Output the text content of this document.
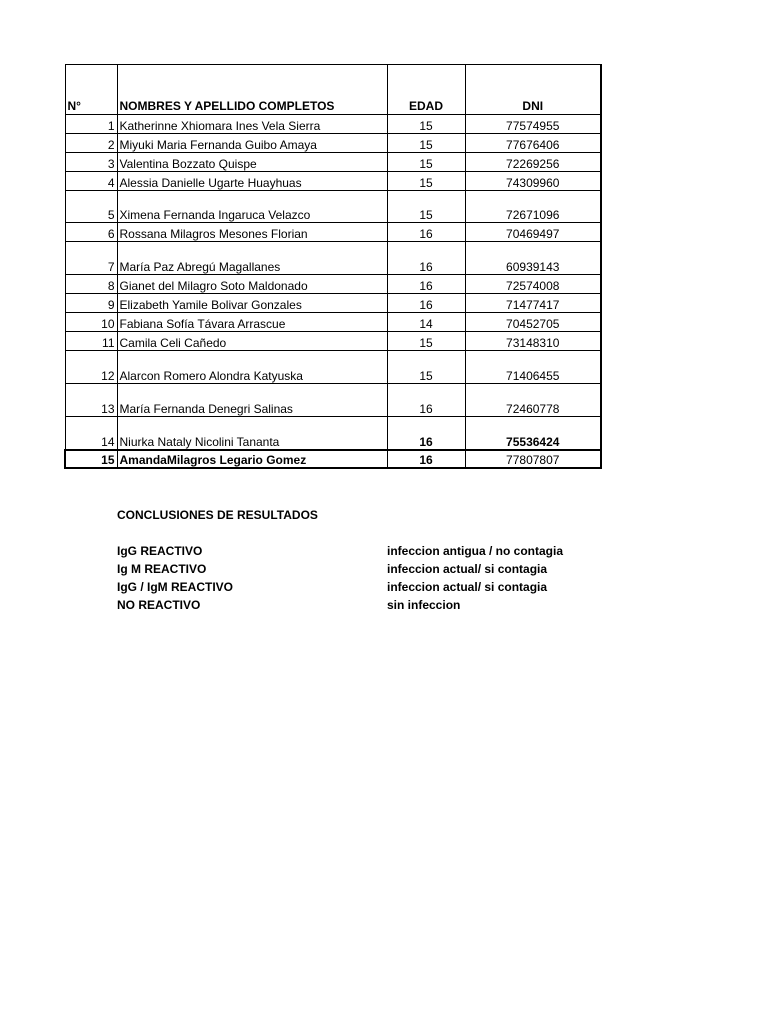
N°	NOMBRES Y APELLIDO COMPLETOS	EDAD	DNI
1	Katherinne Xhiomara Ines Vela Sierra	15	77574955
2	Miyuki Maria Fernanda Guibo Amaya	15	77676406
3	Valentina Bozzato Quispe	15	72269256
4	Alessia Danielle Ugarte Huayhuas	15	74309960
5	Ximena Fernanda Ingaruca Velazco	15	72671096
6	Rossana Milagros Mesones Florian	16	70469497
7	María Paz Abregú Magallanes	16	60939143
8	Gianet del Milagro Soto Maldonado	16	72574008
9	Elizabeth Yamile Bolivar Gonzales	16	71477417
10	Fabiana Sofía Távara Arrascue	14	70452705
11	Camila Celi Cañedo	15	73148310
12	Alarcon Romero Alondra Katyuska	15	71406455
13	María Fernanda Denegri Salinas	16	72460778
14	Niurka Nataly Nicolini Tananta	16	75536424
15	AmandaMilagros Legario Gomez	16	77807807
CONCLUSIONES DE RESULTADOS
IgG REACTIVO	infeccion antigua / no contagia
Ig M REACTIVO	infeccion actual/ si contagia
IgG / IgM REACTIVO	infeccion actual/ si contagia
NO REACTIVO	sin infeccion
